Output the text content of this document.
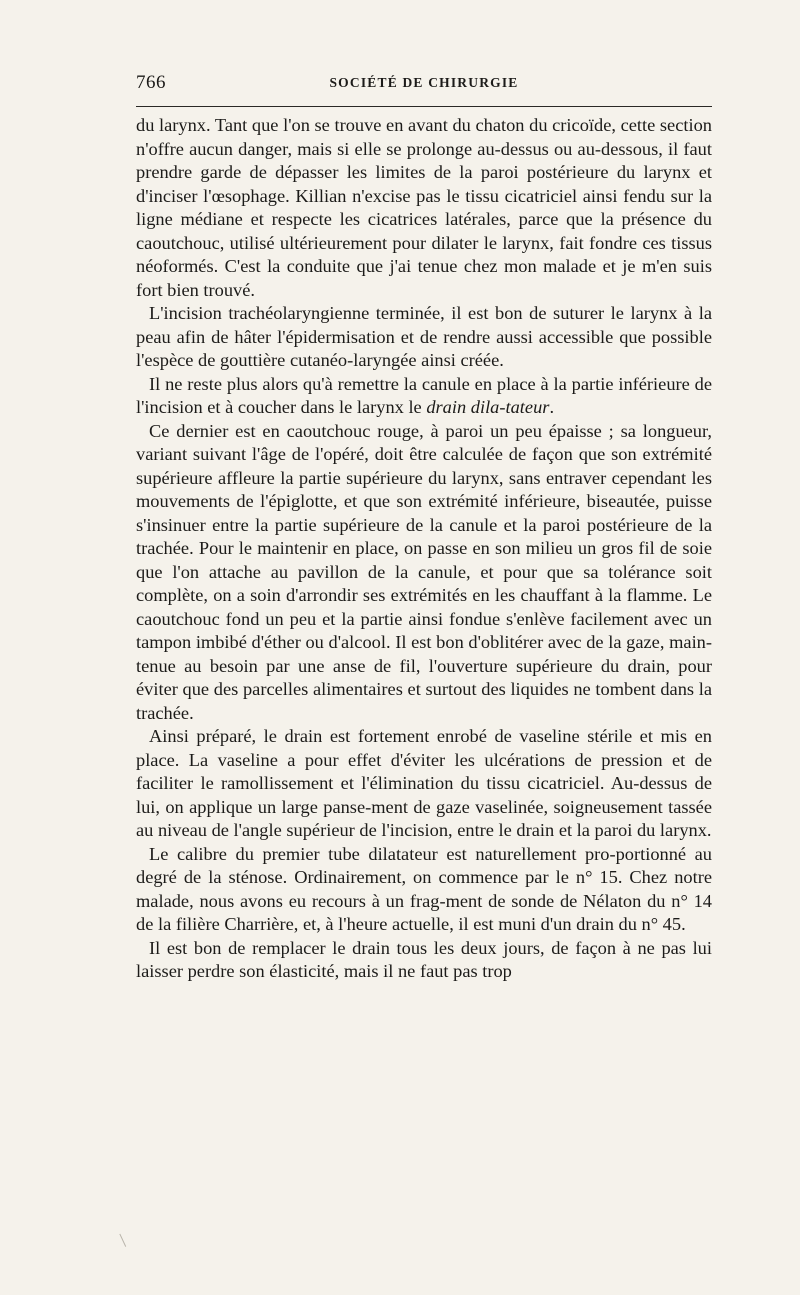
766	SOCIÉTÉ DE CHIRURGIE

du larynx. Tant que l'on se trouve en avant du chaton du cricoïde, cette section n'offre aucun danger, mais si elle se prolonge au-dessus ou au-dessous, il faut prendre garde de dépasser les limites de la paroi postérieure du larynx et d'inciser l'œsophage. Killian n'excise pas le tissu cicatriciel ainsi fendu sur la ligne médiane et respecte les cicatrices latérales, parce que la présence du caoutchouc, utilisé ultérieurement pour dilater le larynx, fait fondre ces tissus néoformés. C'est la conduite que j'ai tenue chez mon malade et je m'en suis fort bien trouvé.

L'incision trachéolaryngienne terminée, il est bon de suturer le larynx à la peau afin de hâter l'épidermisation et de rendre aussi accessible que possible l'espèce de gouttière cutanéo-laryngée ainsi créée.

Il ne reste plus alors qu'à remettre la canule en place à la partie inférieure de l'incision et à coucher dans le larynx le drain dila-tateur.

Ce dernier est en caoutchouc rouge, à paroi un peu épaisse ; sa longueur, variant suivant l'âge de l'opéré, doit être calculée de façon que son extrémité supérieure affleure la partie supérieure du larynx, sans entraver cependant les mouvements de l'épiglotte, et que son extrémité inférieure, biseautée, puisse s'insinuer entre la partie supérieure de la canule et la paroi postérieure de la trachée. Pour le maintenir en place, on passe en son milieu un gros fil de soie que l'on attache au pavillon de la canule, et pour que sa tolérance soit complète, on a soin d'arrondir ses extrémités en les chauffant à la flamme. Le caoutchouc fond un peu et la partie ainsi fondue s'enlève facilement avec un tampon imbibé d'éther ou d'alcool. Il est bon d'oblitérer avec de la gaze, main-tenue au besoin par une anse de fil, l'ouverture supérieure du drain, pour éviter que des parcelles alimentaires et surtout des liquides ne tombent dans la trachée.

Ainsi préparé, le drain est fortement enrobé de vaseline stérile et mis en place. La vaseline a pour effet d'éviter les ulcérations de pression et de faciliter le ramollissement et l'élimination du tissu cicatriciel. Au-dessus de lui, on applique un large panse-ment de gaze vaselinée, soigneusement tassée au niveau de l'angle supérieur de l'incision, entre le drain et la paroi du larynx.

Le calibre du premier tube dilatateur est naturellement pro-portionné au degré de la sténose. Ordinairement, on commence par le n° 15. Chez notre malade, nous avons eu recours à un frag-ment de sonde de Nélaton du n° 14 de la filière Charrière, et, à l'heure actuelle, il est muni d'un drain du n° 45.

Il est bon de remplacer le drain tous les deux jours, de façon à ne pas lui laisser perdre son élasticité, mais il ne faut pas trop
